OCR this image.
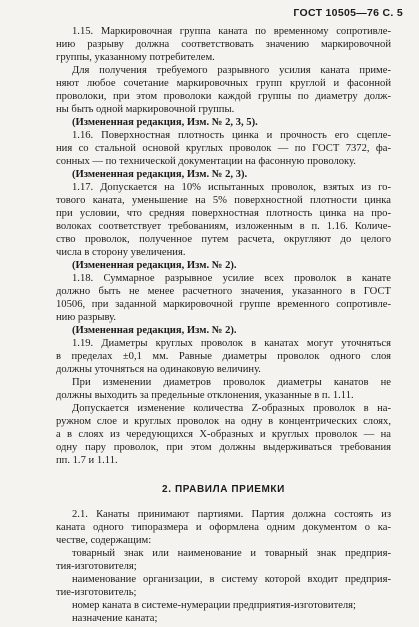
ГОСТ 10505—76 С. 5
1.15. Маркировочная группа каната по временному сопротивле-
нию разрыву должна соответствовать значению маркировочной
группы, указанному потребителем.
Для получения требуемого разрывного усилия каната приме-
няют любое сочетание маркировочных групп круглой и фасонной
проволоки, при этом проволоки каждой группы по диаметру долж-
ны быть одной маркировочной группы.
(Измененная редакция, Изм. № 2, 3, 5).
1.16. Поверхностная плотность цинка и прочность его сцепле-
ния со стальной основой круглых проволок — по ГОСТ 7372, фа-
сонных — по технической документации на фасонную проволоку.
(Измененная редакция, Изм. № 2, 3).
1.17. Допускается на 10% испытанных проволок, взятых из го-
тового каната, уменьшение на 5% поверхностной плотности цинка
при условии, что средняя поверхностная плотность цинка на про-
волоках соответствует требованиям, изложенным в п. 1.16. Количе-
ство проволок, полученное путем расчета, округляют до целого
числа в сторону увеличения.
(Измененная редакция, Изм. № 2).
1.18. Суммарное разрывное усилие всех проволок в канате
должно быть не менее расчетного значения, указанного в ГОСТ
10506, при заданной маркировочной группе временного сопротивле-
нию разрыву.
(Измененная редакция, Изм. № 2).
1.19. Диаметры круглых проволок в канатах могут уточняться
в пределах ±0,1 мм. Равные диаметры проволок одного слоя
должны уточняться на одинаковую величину.
При изменении диаметров проволок диаметры канатов не
должны выходить за предельные отклонения, указанные в п. 1.11.
Допускается изменение количества Z-образных проволок в на-
ружном слое и круглых проволок на одну в концентрических слоях,
а в слоях из чередующихся X-образных и круглых проволок — на
одну пару проволок, при этом должны выдерживаться требования
пп. 1.7 и 1.11.
2. ПРАВИЛА ПРИЕМКИ
2.1. Канаты принимают партиями. Партия должна состоять из
каната одного типоразмера и оформлена одним документом о ка-
честве, содержащим:
товарный знак или наименование и товарный знак предприя-
тия-изготовителя;
наименование организации, в систему которой входит предприя-
тие-изготовитель;
номер каната в системе-нумерации предприятия-изготовителя;
назначение каната;
